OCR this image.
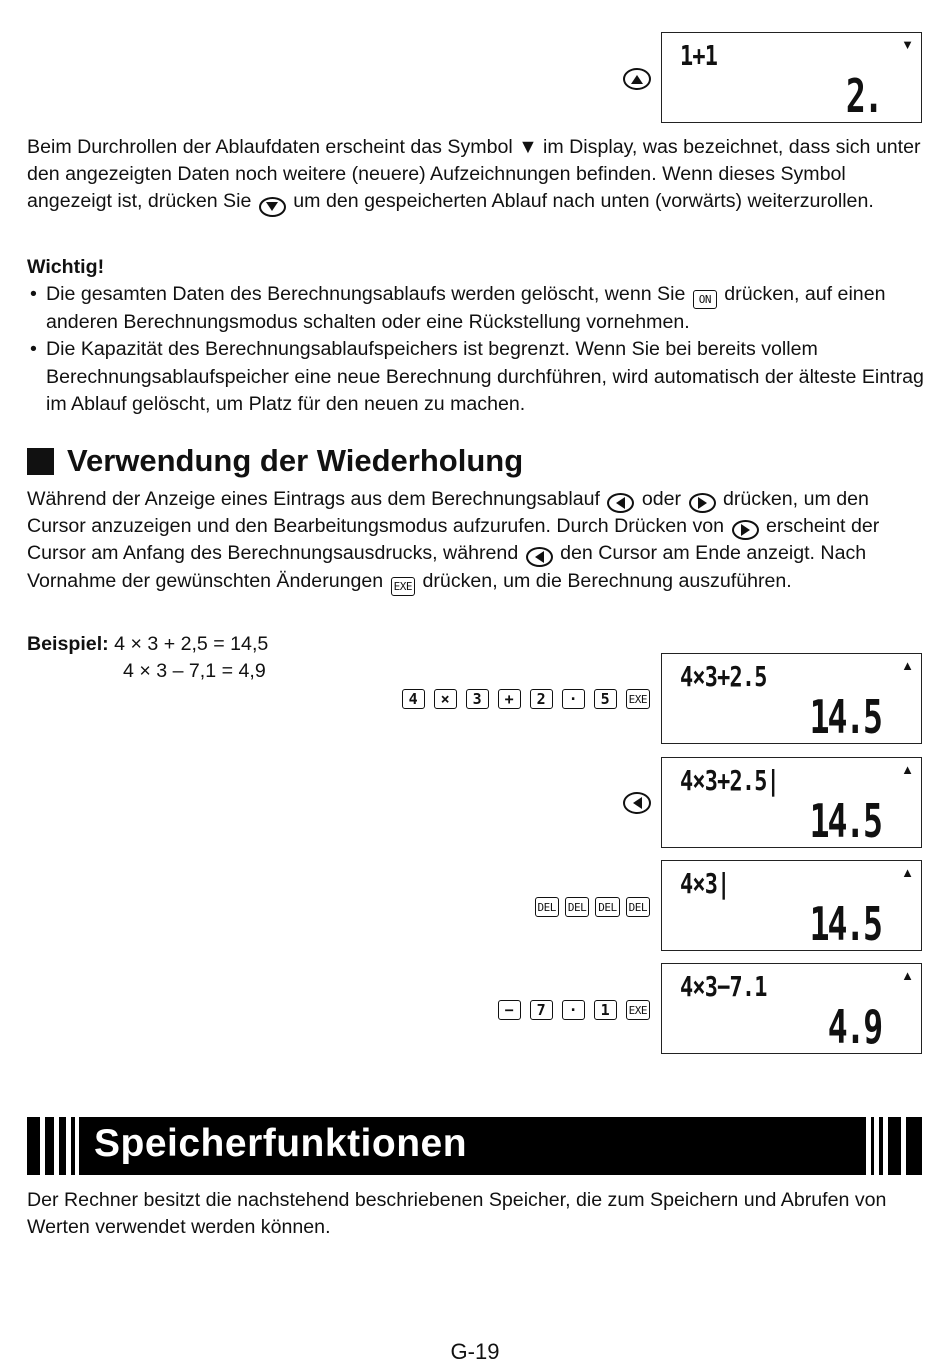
1+1
2.
▼

Beim Durchrollen der Ablaufdaten erscheint das Symbol ▼ im Display, was bezeichnet, dass sich unter den angezeigten Daten noch weitere (neuere) Aufzeichnungen befinden. Wenn dieses Symbol angezeigt ist, drücken Sie um den gespeicherten Ablauf nach unten (vorwärts) weiterzurollen.

Wichtig!
• Die gesamten Daten des Berechnungsablaufs werden gelöscht, wenn Sie ON drücken, auf einen anderen Berechnungsmodus schalten oder eine Rückstellung vornehmen.
• Die Kapazität des Berechnungsablaufspeichers ist begrenzt. Wenn Sie bei bereits vollem Berechnungsablaufspeicher eine neue Berechnung durchführen, wird automatisch der älteste Eintrag im Ablauf gelöscht, um Platz für den neuen zu machen.
Verwendung der Wiederholung

Während der Anzeige eines Eintrags aus dem Berechnungsablauf oder drücken, um den Cursor anzuzeigen und den Bearbeitungsmodus aufzurufen. Durch Drücken von erscheint der Cursor am Anfang des Berechnungsausdrucks, während den Cursor am Ende anzeigt. Nach Vornahme der gewünschten Änderungen EXE drücken, um die Berechnung auszuführen.

Beispiel: 4 × 3 + 2,5 = 14,5
4 × 3 – 7,1 = 4,9
4	×	3	+	2	·	5	EXE
4×3+2.5
14.5
▲
4×3+2.5|
14.5
▲
DEL DEL DEL DEL
4×3|
14.5
▲
−	7	·	1	EXE
4×3−7.1
4.9
▲
Speicherfunktionen

Der Rechner besitzt die nachstehend beschriebenen Speicher, die zum Speichern und Abrufen von Werten verwendet werden können.

G-19
